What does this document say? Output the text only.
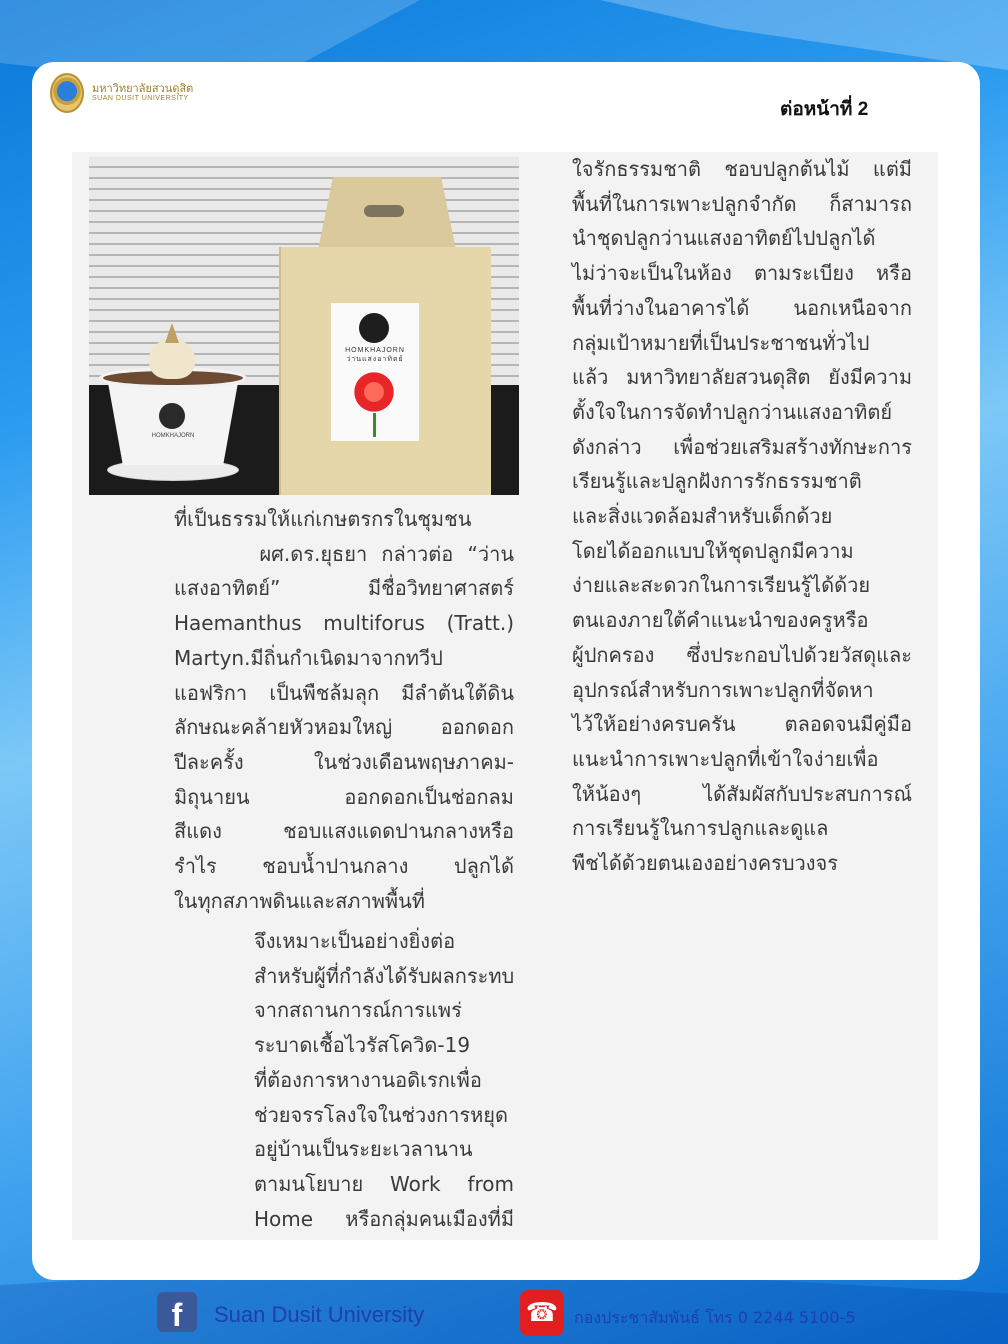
มหาวิทยาลัยสวนดุสิต
SUAN DUSIT UNIVERSITY
ต่อหน้าที่ 2
HOMKHAJORN
ว่านแสงอาทิตย์
HOMKHAJORN

ที่เป็นธรรมให้แก่เกษตรกรในชุมชน

ผศ.ดร.ยุธยา กล่าวต่อ “ว่าน

แสงอาทิตย์” มีชื่อวิทยาศาสตร์

Haemanthus multiforus (Tratt.)

Martyn.มีถิ่นกำเนิดมาจากทวีป

แอฟริกา เป็นพืชล้มลุก มีลำต้นใต้ดิน

ลักษณะคล้ายหัวหอมใหญ่ ออกดอก

ปีละครั้ง ในช่วงเดือนพฤษภาคม-

มิถุนายน ออกดอกเป็นช่อกลม

สีแดง ชอบแสงแดดปานกลางหรือ

รำไร ชอบน้ำปานกลาง ปลูกได้

ในทุกสภาพดินและสภาพพื้นที่

จึงเหมาะเป็นอย่างยิ่งต่อ

สำหรับผู้ที่กำลังได้รับผลกระทบ

จากสถานการณ์การแพร่

ระบาดเชื้อไวรัสโควิด-19

ที่ต้องการหางานอดิเรกเพื่อ

ช่วยจรรโลงใจในช่วงการหยุด

อยู่บ้านเป็นระยะเวลานาน

ตามนโยบาย Work from

Home หรือกลุ่มคนเมืองที่มี

ใจรักธรรมชาติ ชอบปลูกต้นไม้ แต่มี

พื้นที่ในการเพาะปลูกจำกัด ก็สามารถ

นำชุดปลูกว่านแสงอาทิตย์ไปปลูกได้

ไม่ว่าจะเป็นในห้อง ตามระเบียง หรือ

พื้นที่ว่างในอาคารได้ นอกเหนือจาก

กลุ่มเป้าหมายที่เป็นประชาชนทั่วไป

แล้ว มหาวิทยาลัยสวนดุสิต ยังมีความ

ตั้งใจในการจัดทำปลูกว่านแสงอาทิตย์

ดังกล่าว เพื่อช่วยเสริมสร้างทักษะการ

เรียนรู้และปลูกฝังการรักธรรมชาติ

และสิ่งแวดล้อมสำหรับเด็กด้วย

โดยได้ออกแบบให้ชุดปลูกมีความ

ง่ายและสะดวกในการเรียนรู้ได้ด้วย

ตนเองภายใต้คำแนะนำของครูหรือ

ผู้ปกครอง ซึ่งประกอบไปด้วยวัสดุและ

อุปกรณ์สำหรับการเพาะปลูกที่จัดหา

ไว้ให้อย่างครบครัน ตลอดจนมีคู่มือ

แนะนำการเพาะปลูกที่เข้าใจง่ายเพื่อ

ให้น้องๆ ได้สัมผัสกับประสบการณ์

การเรียนรู้ในการปลูกและดูแล

พืชได้ด้วยตนเองอย่างครบวงจร

f	Suan Dusit University	☎ กองประชาสัมพันธ์ โทร 0 2244 5100-5
